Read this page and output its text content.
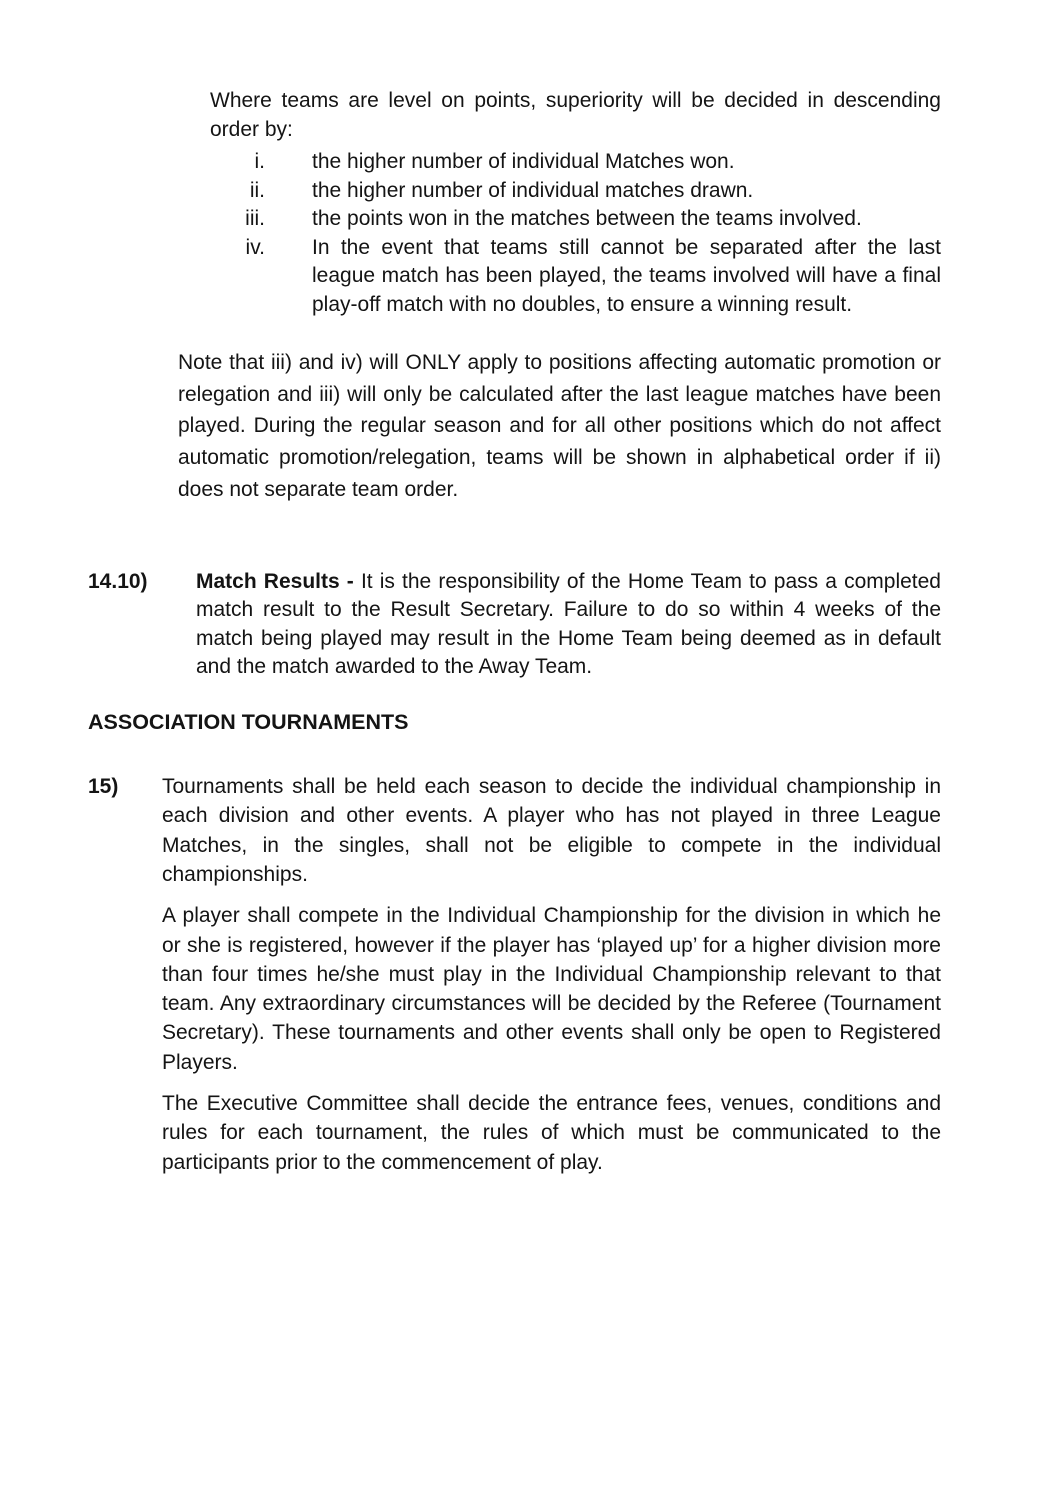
Where teams are level on points, superiority will be decided in descending order by:

i. the higher number of individual Matches won.
ii. the higher number of individual matches drawn.
iii. the points won in the matches between the teams involved.
iv. In the event that teams still cannot be separated after the last league match has been played, the teams involved will have a final play-off match with no doubles, to ensure a winning result.

Note that iii) and iv) will ONLY apply to positions affecting automatic promotion or relegation and iii) will only be calculated after the last league matches have been played. During the regular season and for all other positions which do not affect automatic promotion/relegation, teams will be shown in alphabetical order if ii) does not separate team order.

14.10)	Match Results - It is the responsibility of the Home Team to pass a completed match result to the Result Secretary. Failure to do so within 4 weeks of the match being played may result in the Home Team being deemed as in default and the match awarded to the Away Team.
ASSOCIATION TOURNAMENTS
15)	Tournaments shall be held each season to decide the individual championship in each division and other events. A player who has not played in three League Matches, in the singles, shall not be eligible to compete in the individual championships.

A player shall compete in the Individual Championship for the division in which he or she is registered, however if the player has ‘played up’ for a higher division more than four times he/she must play in the Individual Championship relevant to that team. Any extraordinary circumstances will be decided by the Referee (Tournament Secretary). These tournaments and other events shall only be open to Registered Players.

The Executive Committee shall decide the entrance fees, venues, conditions and rules for each tournament, the rules of which must be communicated to the participants prior to the commencement of play.
